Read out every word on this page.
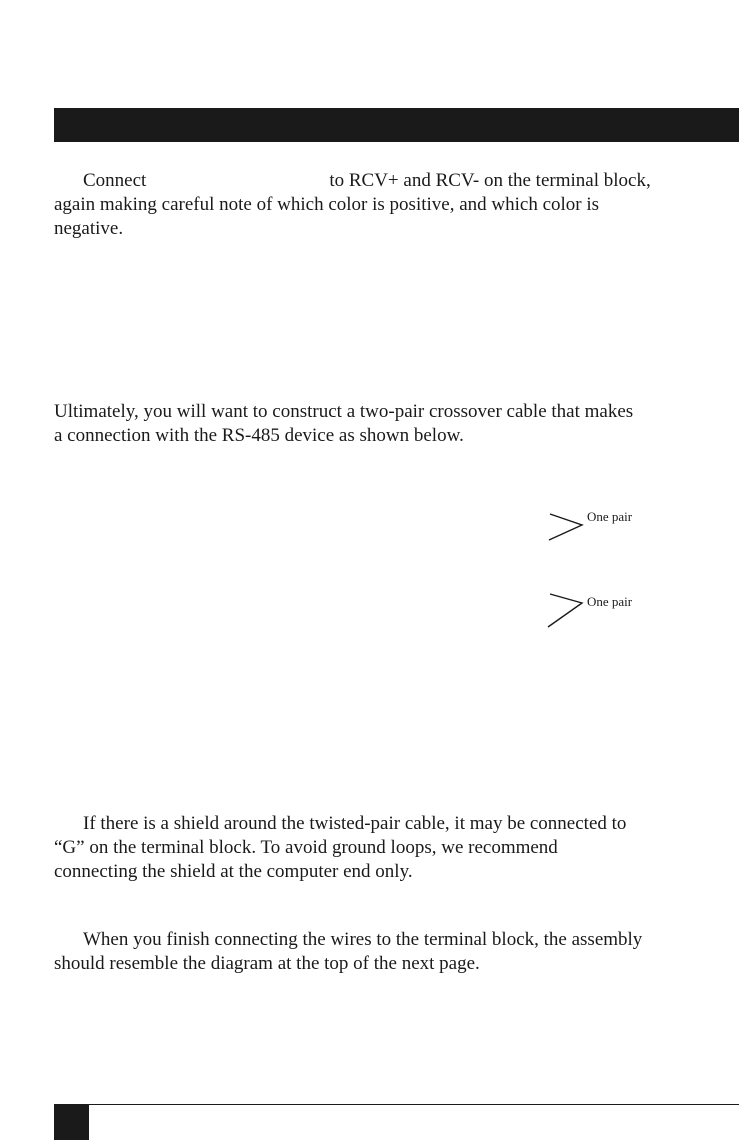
Connect	to RCV+ and RCV- on the terminal block,
again making careful note of which color is positive, and which color is
negative.
Ultimately, you will want to construct a two-pair crossover cable that makes
a connection with the RS-485 device as shown below.
One pair
One pair
If there is a shield around the twisted-pair cable, it may be connected to
“G” on the terminal block. To avoid ground loops, we recommend
connecting the shield at the computer end only.
When you finish connecting the wires to the terminal block, the assembly
should resemble the diagram at the top of the next page.
